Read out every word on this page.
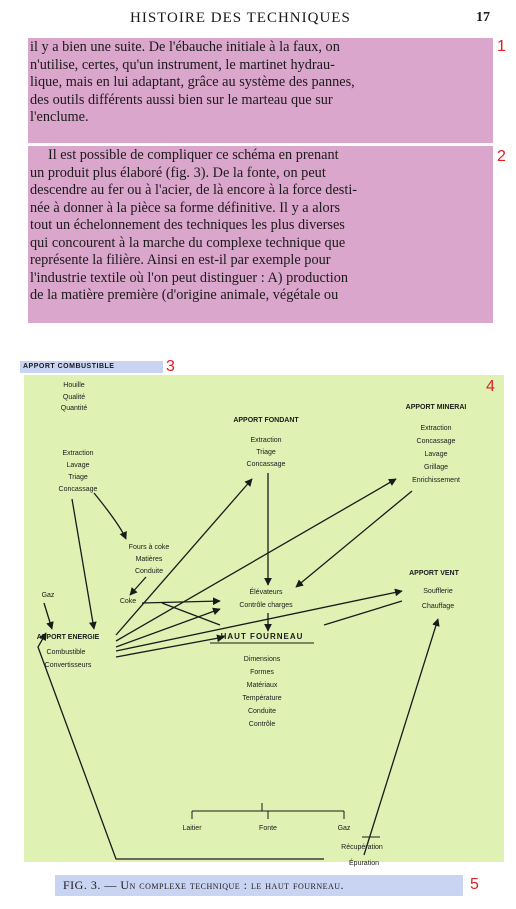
HISTOIRE DES TECHNIQUES	17

il y a bien une suite. De l'ébauche initiale à la faux, on
n'utilise, certes, qu'un instrument, le martinet hydrau-
lique, mais en lui adaptant, grâce au système des pannes,
des outils différents aussi bien sur le marteau que sur
l'enclume.

1

Il est possible de compliquer ce schéma en prenant
un produit plus élaboré (fig. 3). De la fonte, on peut
descendre au fer ou à l'acier, de là encore à la force desti-
née à donner à la pièce sa forme définitive. Il y a alors
tout un échelonnement des techniques les plus diverses
qui concourent à la marche du complexe technique que
représente la filière. Ainsi en est-il par exemple pour
l'industrie textile où l'on peut distinguer : A) production
de la matière première (d'origine animale, végétale ou

2
APPORT COMBUSTIBLE	3
Houille
Qualité
Quantité
Extraction
Lavage
Triage
Concassage
Fours à coke
Matières
Conduite
Gaz
Coke
APPORT FONDANT
Extraction
Triage
Concassage
APPORT MINERAI
Extraction
Concassage
Lavage
Grillage
Enrichissement
APPORT VENT
Soufflerie
Chauffage
Élévateurs
Contrôle charges
APPORT ENERGIE
Combustible
Convertisseurs
HAUT FOURNEAU
Dimensions
Formes
Matériaux
Température
Conduite
Contrôle
Laitier	Fonte	Gaz
Récupération
Épuration
4
FIG. 3. — Un complexe technique : le haut fourneau.	5
